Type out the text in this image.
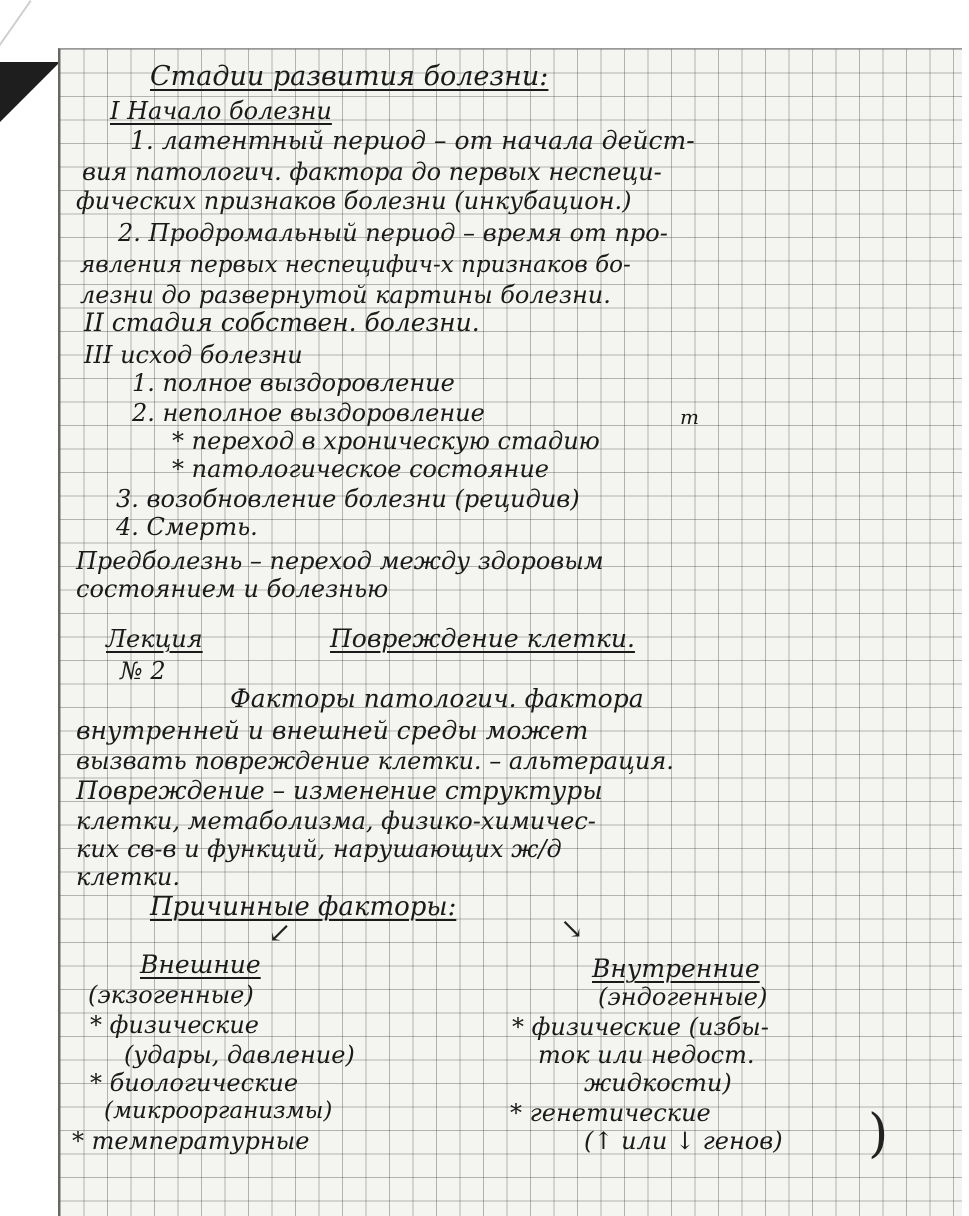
Стадии развития болезни:
I Начало болезни
1. латентный период – от начала дейст-
вия патологич. фактора до первых неспеци-
фических признаков болезни (инкубацион.)
2. Продромальный период – время от про-
явления первых неспецифич-х признаков бо-
лезни до развернутой картины болезни.
II стадия собствен. болезни.
III исход болезни
1. полное выздоровление
2. неполное выздоровление	т
* переход в хроническую стадию
* патологическое состояние
3. возобновление болезни (рецидив)
4. Смерть.
Предболезнь – переход между здоровым
состоянием и болезнью
Лекция	Повреждение клетки.
№ 2
Факторы патологич. фактора
внутренней и внешней среды может
вызвать повреждение клетки. – альтерация.
Повреждение – изменение структуры
клетки, метаболизма, физико-химичес-
ких св-в и функций, нарушающих ж/д
клетки.
Причинные факторы:
↙	↘
Внешние
(экзогенные)
Внутренние
(эндогенные)
* физические
(удары, давление)
* биологические
(микроорганизмы)
* температурные
* физические (избы-
ток или недост.
жидкости)
* генетические
(↑ или ↓ генов) )
